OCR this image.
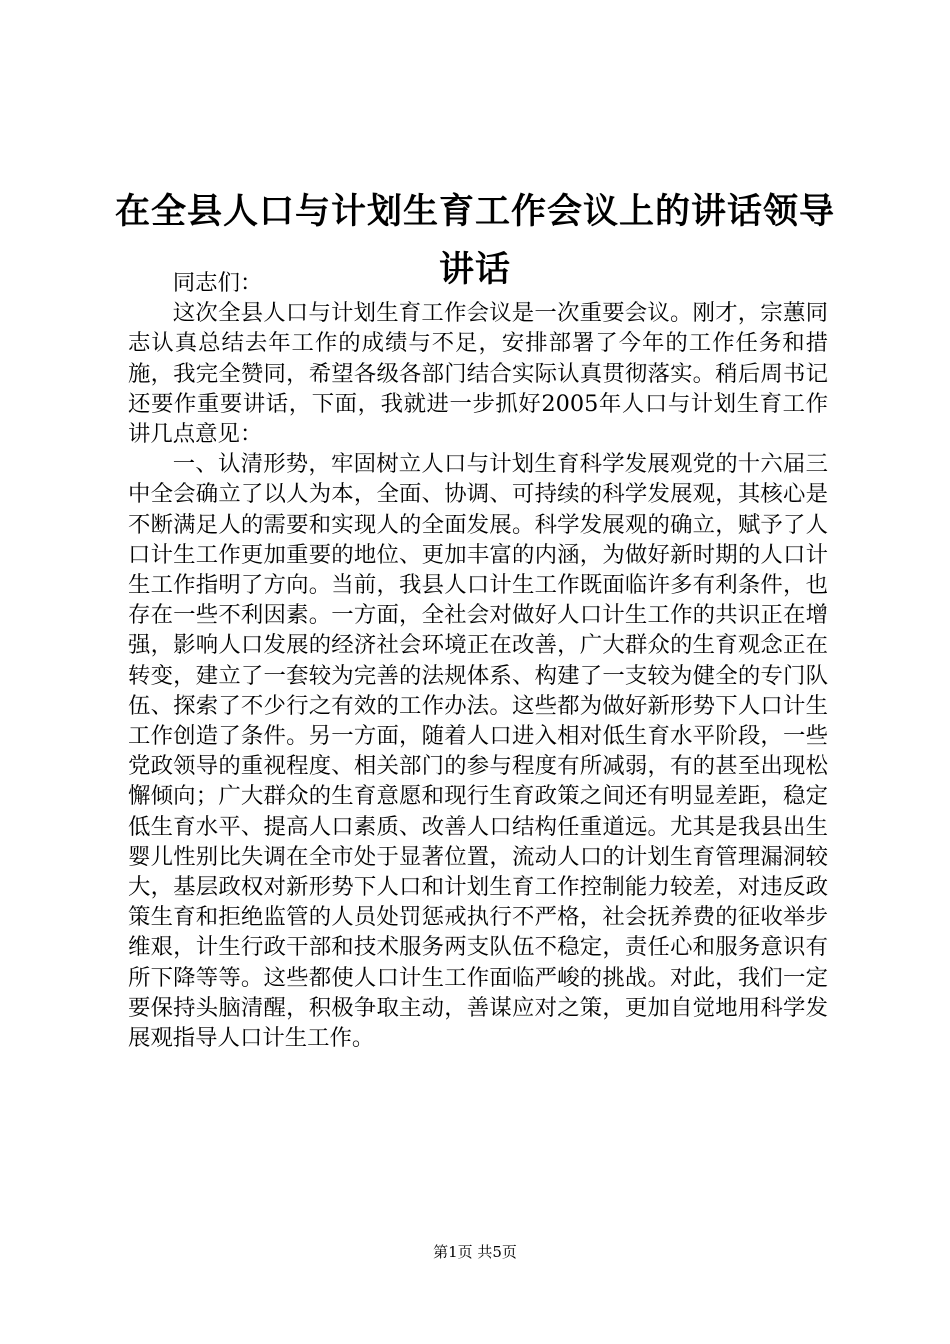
在全县人口与计划生育工作会议上的讲话领导
讲话

同志们：

这次全县人口与计划生育工作会议是一次重要会议。刚才，宗蕙同志认真总结去年工作的成绩与不足，安排部署了今年的工作任务和措施，我完全赞同，希望各级各部门结合实际认真贯彻落实。稍后周书记还要作重要讲话，下面，我就进一步抓好2005年人口与计划生育工作讲几点意见：

一、认清形势，牢固树立人口与计划生育科学发展观党的十六届三中全会确立了以人为本，全面、协调、可持续的科学发展观，其核心是不断满足人的需要和实现人的全面发展。科学发展观的确立，赋予了人口计生工作更加重要的地位、更加丰富的内涵，为做好新时期的人口计生工作指明了方向。当前，我县人口计生工作既面临许多有利条件，也存在一些不利因素。一方面，全社会对做好人口计生工作的共识正在增强，影响人口发展的经济社会环境正在改善，广大群众的生育观念正在转变，建立了一套较为完善的法规体系、构建了一支较为健全的专门队伍、探索了不少行之有效的工作办法。这些都为做好新形势下人口计生工作创造了条件。另一方面，随着人口进入相对低生育水平阶段，一些党政领导的重视程度、相关部门的参与程度有所减弱，有的甚至出现松懈倾向；广大群众的生育意愿和现行生育政策之间还有明显差距，稳定低生育水平、提高人口素质、改善人口结构任重道远。尤其是我县出生婴儿性别比失调在全市处于显著位置，流动人口的计划生育管理漏洞较大，基层政权对新形势下人口和计划生育工作控制能力较差，对违反政策生育和拒绝监管的人员处罚惩戒执行不严格，社会抚养费的征收举步维艰，计生行政干部和技术服务两支队伍不稳定，责任心和服务意识有所下降等等。这些都使人口计生工作面临严峻的挑战。对此，我们一定要保持头脑清醒，积极争取主动，善谋应对之策，更加自觉地用科学发展观指导人口计生工作。

第1页 共5页
